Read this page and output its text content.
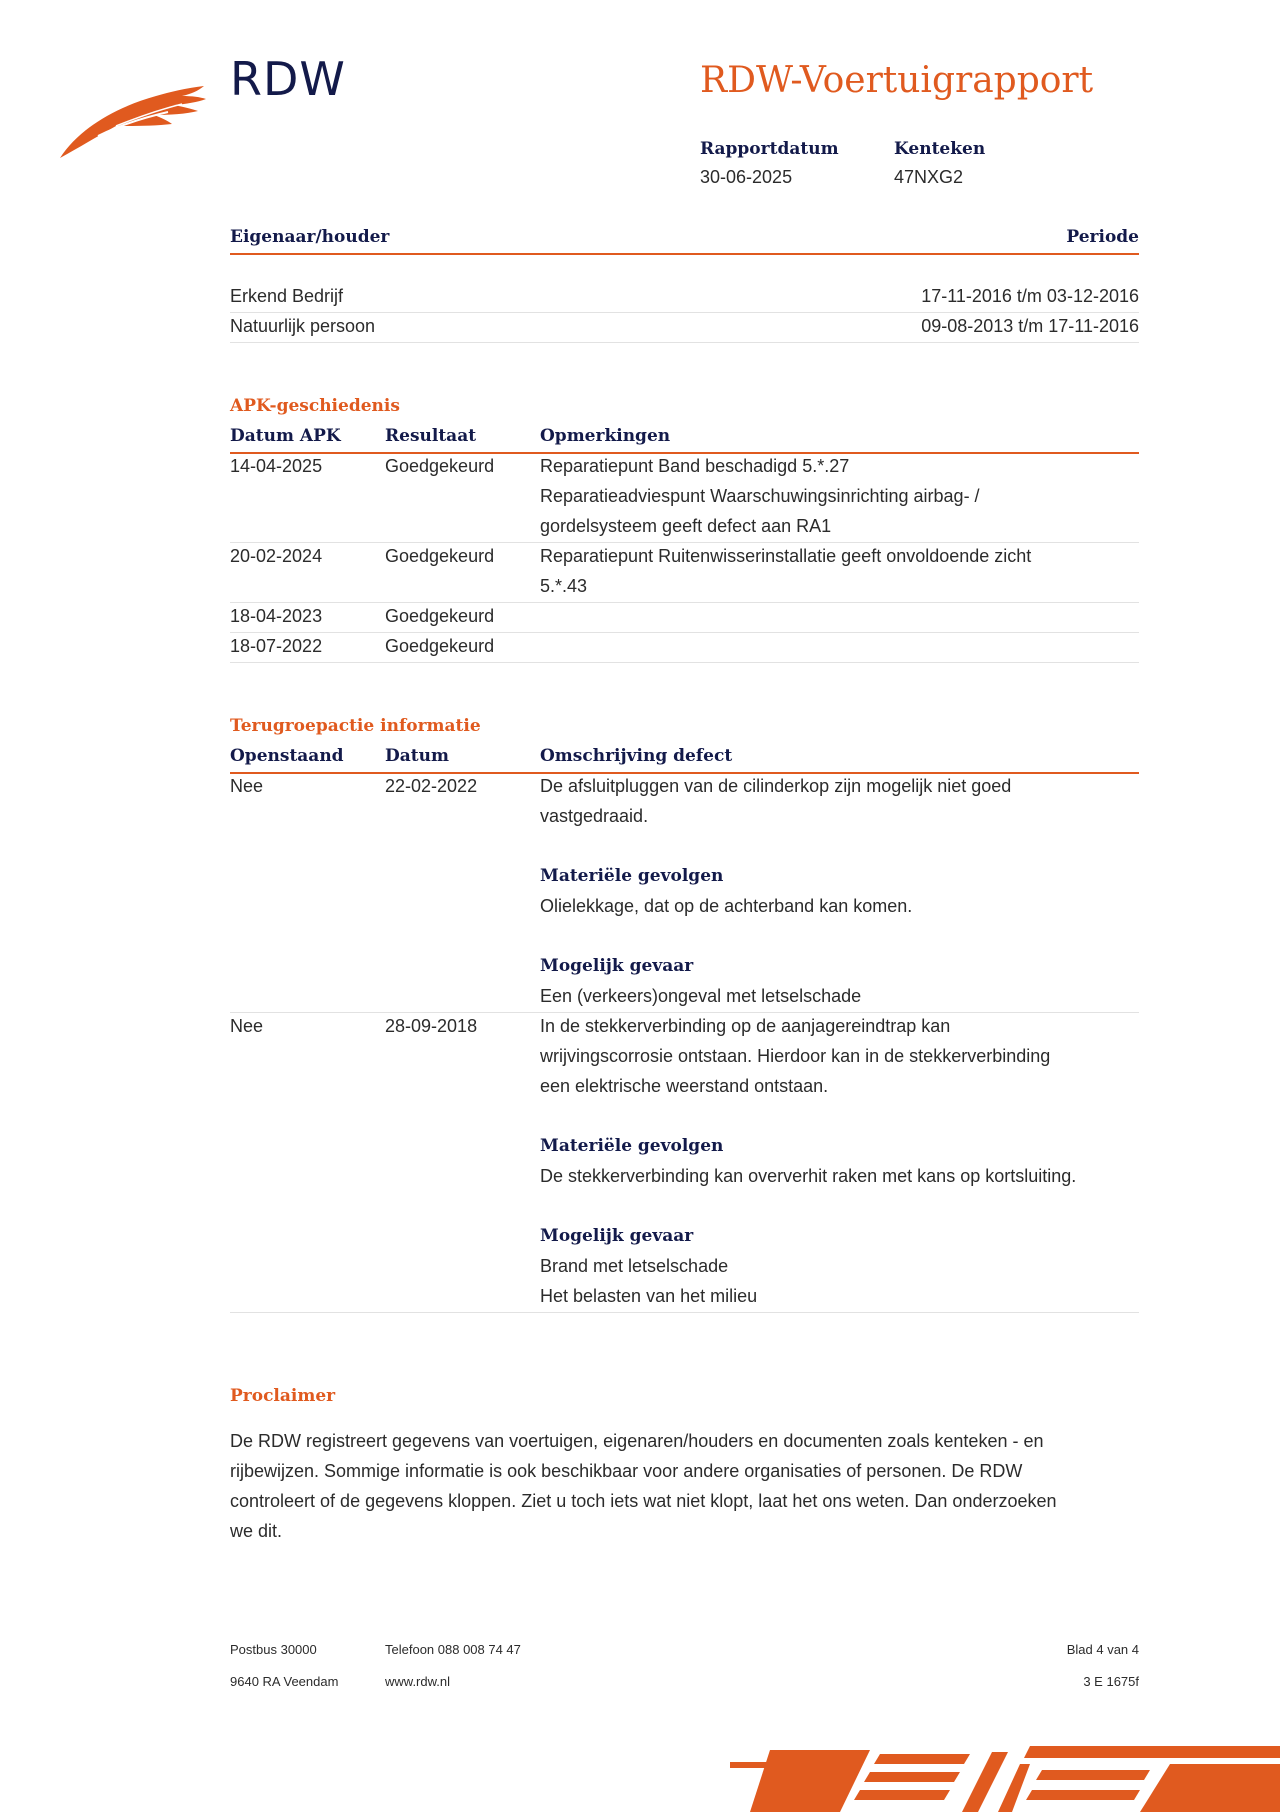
RDW	RDW-Voertuigrapport
Rapportdatum
30-06-2025
Kenteken
47NXG2
Eigenaar/houder	Periode
Erkend Bedrijf	17-11-2016 t/m 03-12-2016
Natuurlijk persoon	09-08-2013 t/m 17-11-2016
APK-geschiedenis
Datum APK	Resultaat	Opmerkingen
14-04-2025	Goedgekeurd	Reparatiepunt Band beschadigd 5.*.27
Reparatieadviespunt Waarschuwingsinrichting airbag- /
gordelsysteem geeft defect aan RA1
20-02-2024	Goedgekeurd	Reparatiepunt Ruitenwisserinstallatie geeft onvoldoende zicht
5.*.43
18-04-2023	Goedgekeurd
18-07-2022	Goedgekeurd
Terugroepactie informatie
Openstaand Datum	Omschrijving defect
Nee	22-02-2022	De afsluitpluggen van de cilinderkop zijn mogelijk niet goed
vastgedraaid.
Materiële gevolgen
Olielekkage, dat op de achterband kan komen.
Mogelijk gevaar
Een (verkeers)ongeval met letselschade
Nee	28-09-2018	In de stekkerverbinding op de aanjagereindtrap kan
wrijvingscorrosie ontstaan. Hierdoor kan in de stekkerverbinding
een elektrische weerstand ontstaan.
Materiële gevolgen
De stekkerverbinding kan oververhit raken met kans op kortsluiting.
Mogelijk gevaar
Brand met letselschade
Het belasten van het milieu
Proclaimer
De RDW registreert gegevens van voertuigen, eigenaren/houders en documenten zoals kenteken - en
rijbewijzen. Sommige informatie is ook beschikbaar voor andere organisaties of personen. De RDW
controleert of de gegevens kloppen. Ziet u toch iets wat niet klopt, laat het ons weten. Dan onderzoeken
we dit.
Postbus 30000
9640 RA Veendam
Telefoon 088 008 74 47
www.rdw.nl
Blad 4 van 4
3 E 1675f
